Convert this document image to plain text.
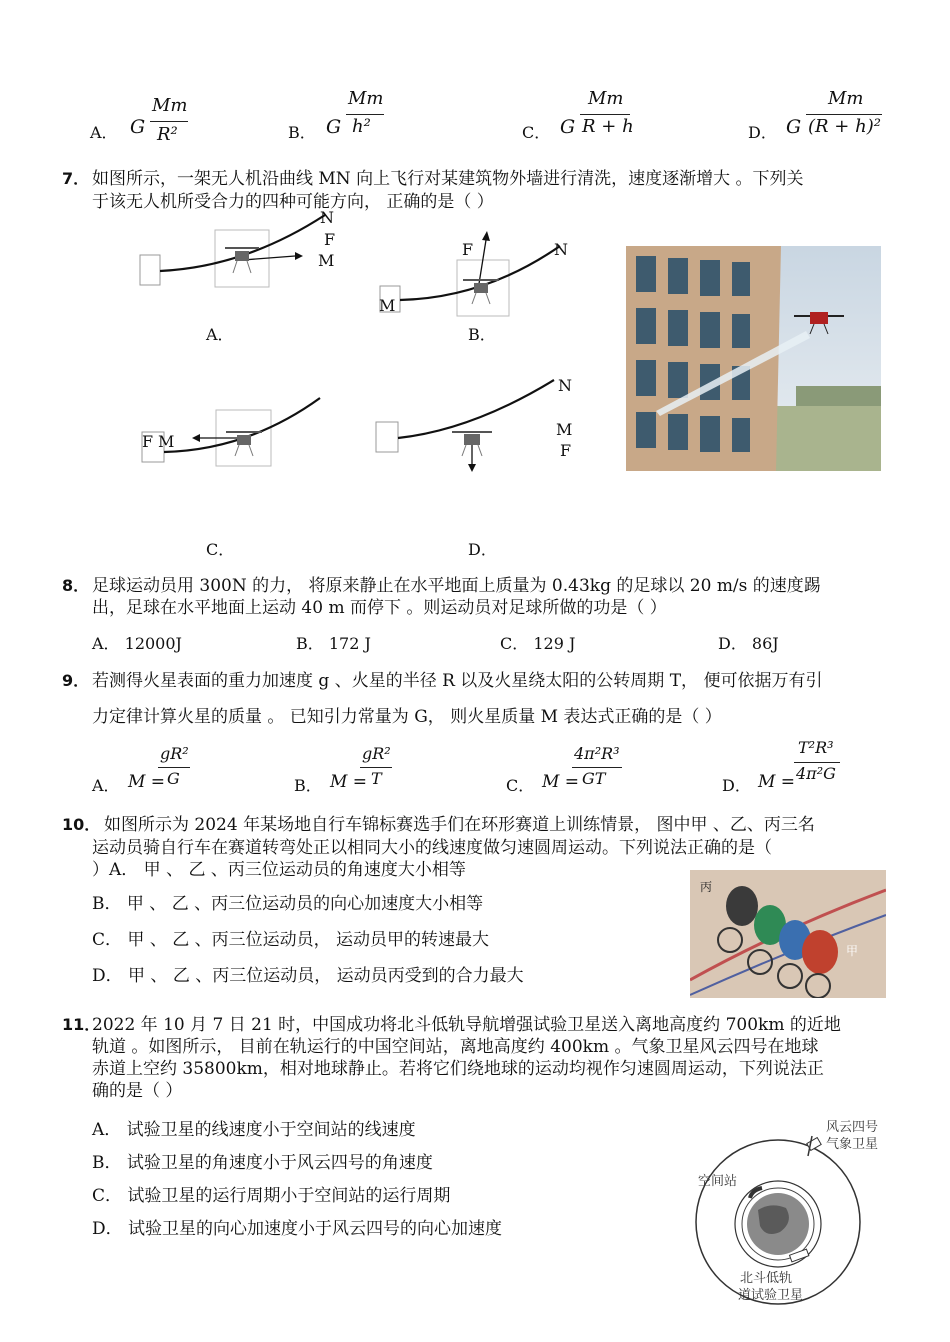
A． G
Mm
R²	B． G
Mm
h²	C． G
Mm
R + h	D． G
Mm
(R + h)²
7． 如图所示，一架无人机沿曲线 MN 向上飞行对某建筑物外墙进行清洗，速度逐渐增大 。下列关
于该无人机所受合力的四种可能方向， 正确的是（ ）
N
F
M
A．
N
F
M
B．
F M
C．
N
M
F
D．
8． 足球运动员用 300N 的力， 将原来静止在水平地面上质量为 0.43kg 的足球以 20 m/s 的速度踢
出，足球在水平地面上运动 40 m 而停下 。则运动员对足球所做的功是（ ）
A． 12000J	B． 172 J	C． 129 J	D． 86J
9． 若测得火星表面的重力加速度 g 、火星的半径 R 以及火星绕太阳的公转周期 T， 便可依据万有引
力定律计算火星的质量 。 已知引力常量为 G， 则火星质量 M 表达式正确的是（ ）
A． M =
gR²
G	B． M =
gR²
T	C． M =
4π²R³
GT	D． M =
T²R³
4π²G
10． 如图所示为 2024 年某场地自行车锦标赛选手们在环形赛道上训练情景， 图中甲 、乙、丙三名
运动员骑自行车在赛道转弯处正以相同大小的线速度做匀速圆周运动。下列说法正确的是（
）A． 甲 、 乙 、丙三位运动员的角速度大小相等
B． 甲 、 乙 、丙三位运动员的向心加速度大小相等
C． 甲 、 乙 、丙三位运动员， 运动员甲的转速最大
D． 甲 、 乙 、丙三位运动员， 运动员丙受到的合力最大
丙
甲
11．
2022 年 10 月 7 日 21 时，中国成功将北斗低轨导航增强试验卫星送入离地高度约 700km 的近地
轨道 。如图所示， 目前在轨运行的中国空间站，离地高度约 400km 。气象卫星风云四号在地球
赤道上空约 35800km，相对地球静止。若将它们绕地球的运动均视作匀速圆周运动，下列说法正
确的是（ ）
A． 试验卫星的线速度小于空间站的线速度
B． 试验卫星的角速度小于风云四号的角速度
C． 试验卫星的运行周期小于空间站的运行周期
D． 试验卫星的向心加速度小于风云四号的向心加速度
风云四号
气象卫星
空间站
北斗低轨
道试验卫星
